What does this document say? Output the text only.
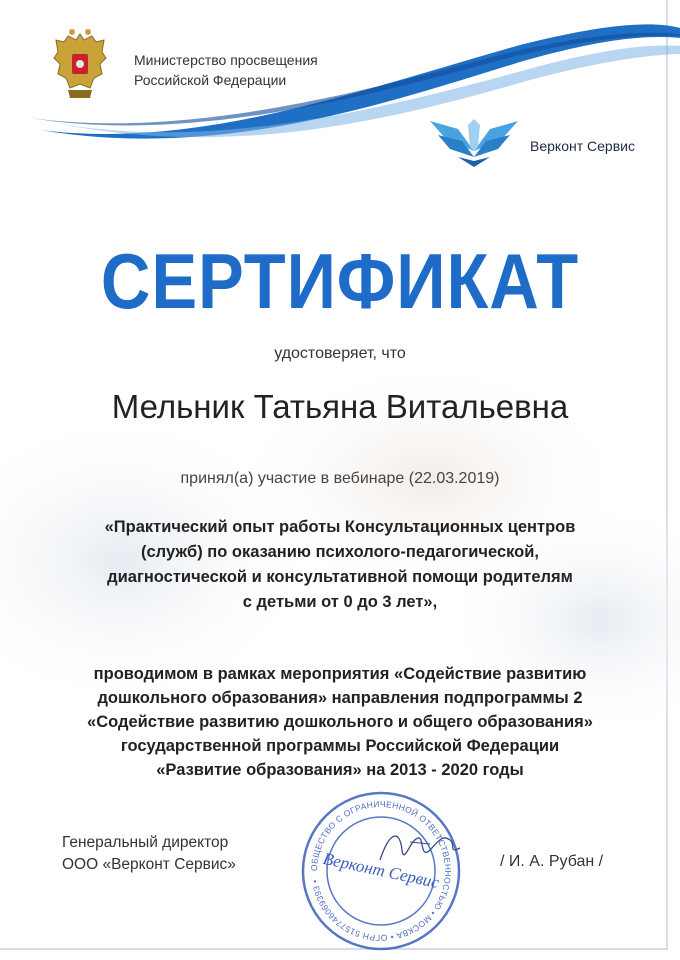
Министерство просвещения
Российской Федерации
Верконт Сервис
СЕРТИФИКАТ
удостоверяет, что
Мельник Татьяна Витальевна
принял(а) участие в вебинаре (22.03.2019)
«Практический опыт работы Консультационных центров
(служб) по оказанию психолого-педагогической,
диагностической и консультативной помощи родителям
с детьми от 0 до 3 лет»,
проводимом в рамках мероприятия «Содействие развитию
дошкольного образования» направления подпрограммы 2
«Содействие развитию дошкольного и общего образования»
государственной программы Российской Федерации
«Развитие образования» на 2013 - 2020 годы
Генеральный директор
ООО «Верконт Сервис»	ОБЩЕСТВО С ОГРАНИЧЕННОЙ ОТВЕТСТВЕННОСТЬЮ • МОСКВА • ОГРН 5157746069393 • Верконт Сервис	/ И. А. Рубан /
